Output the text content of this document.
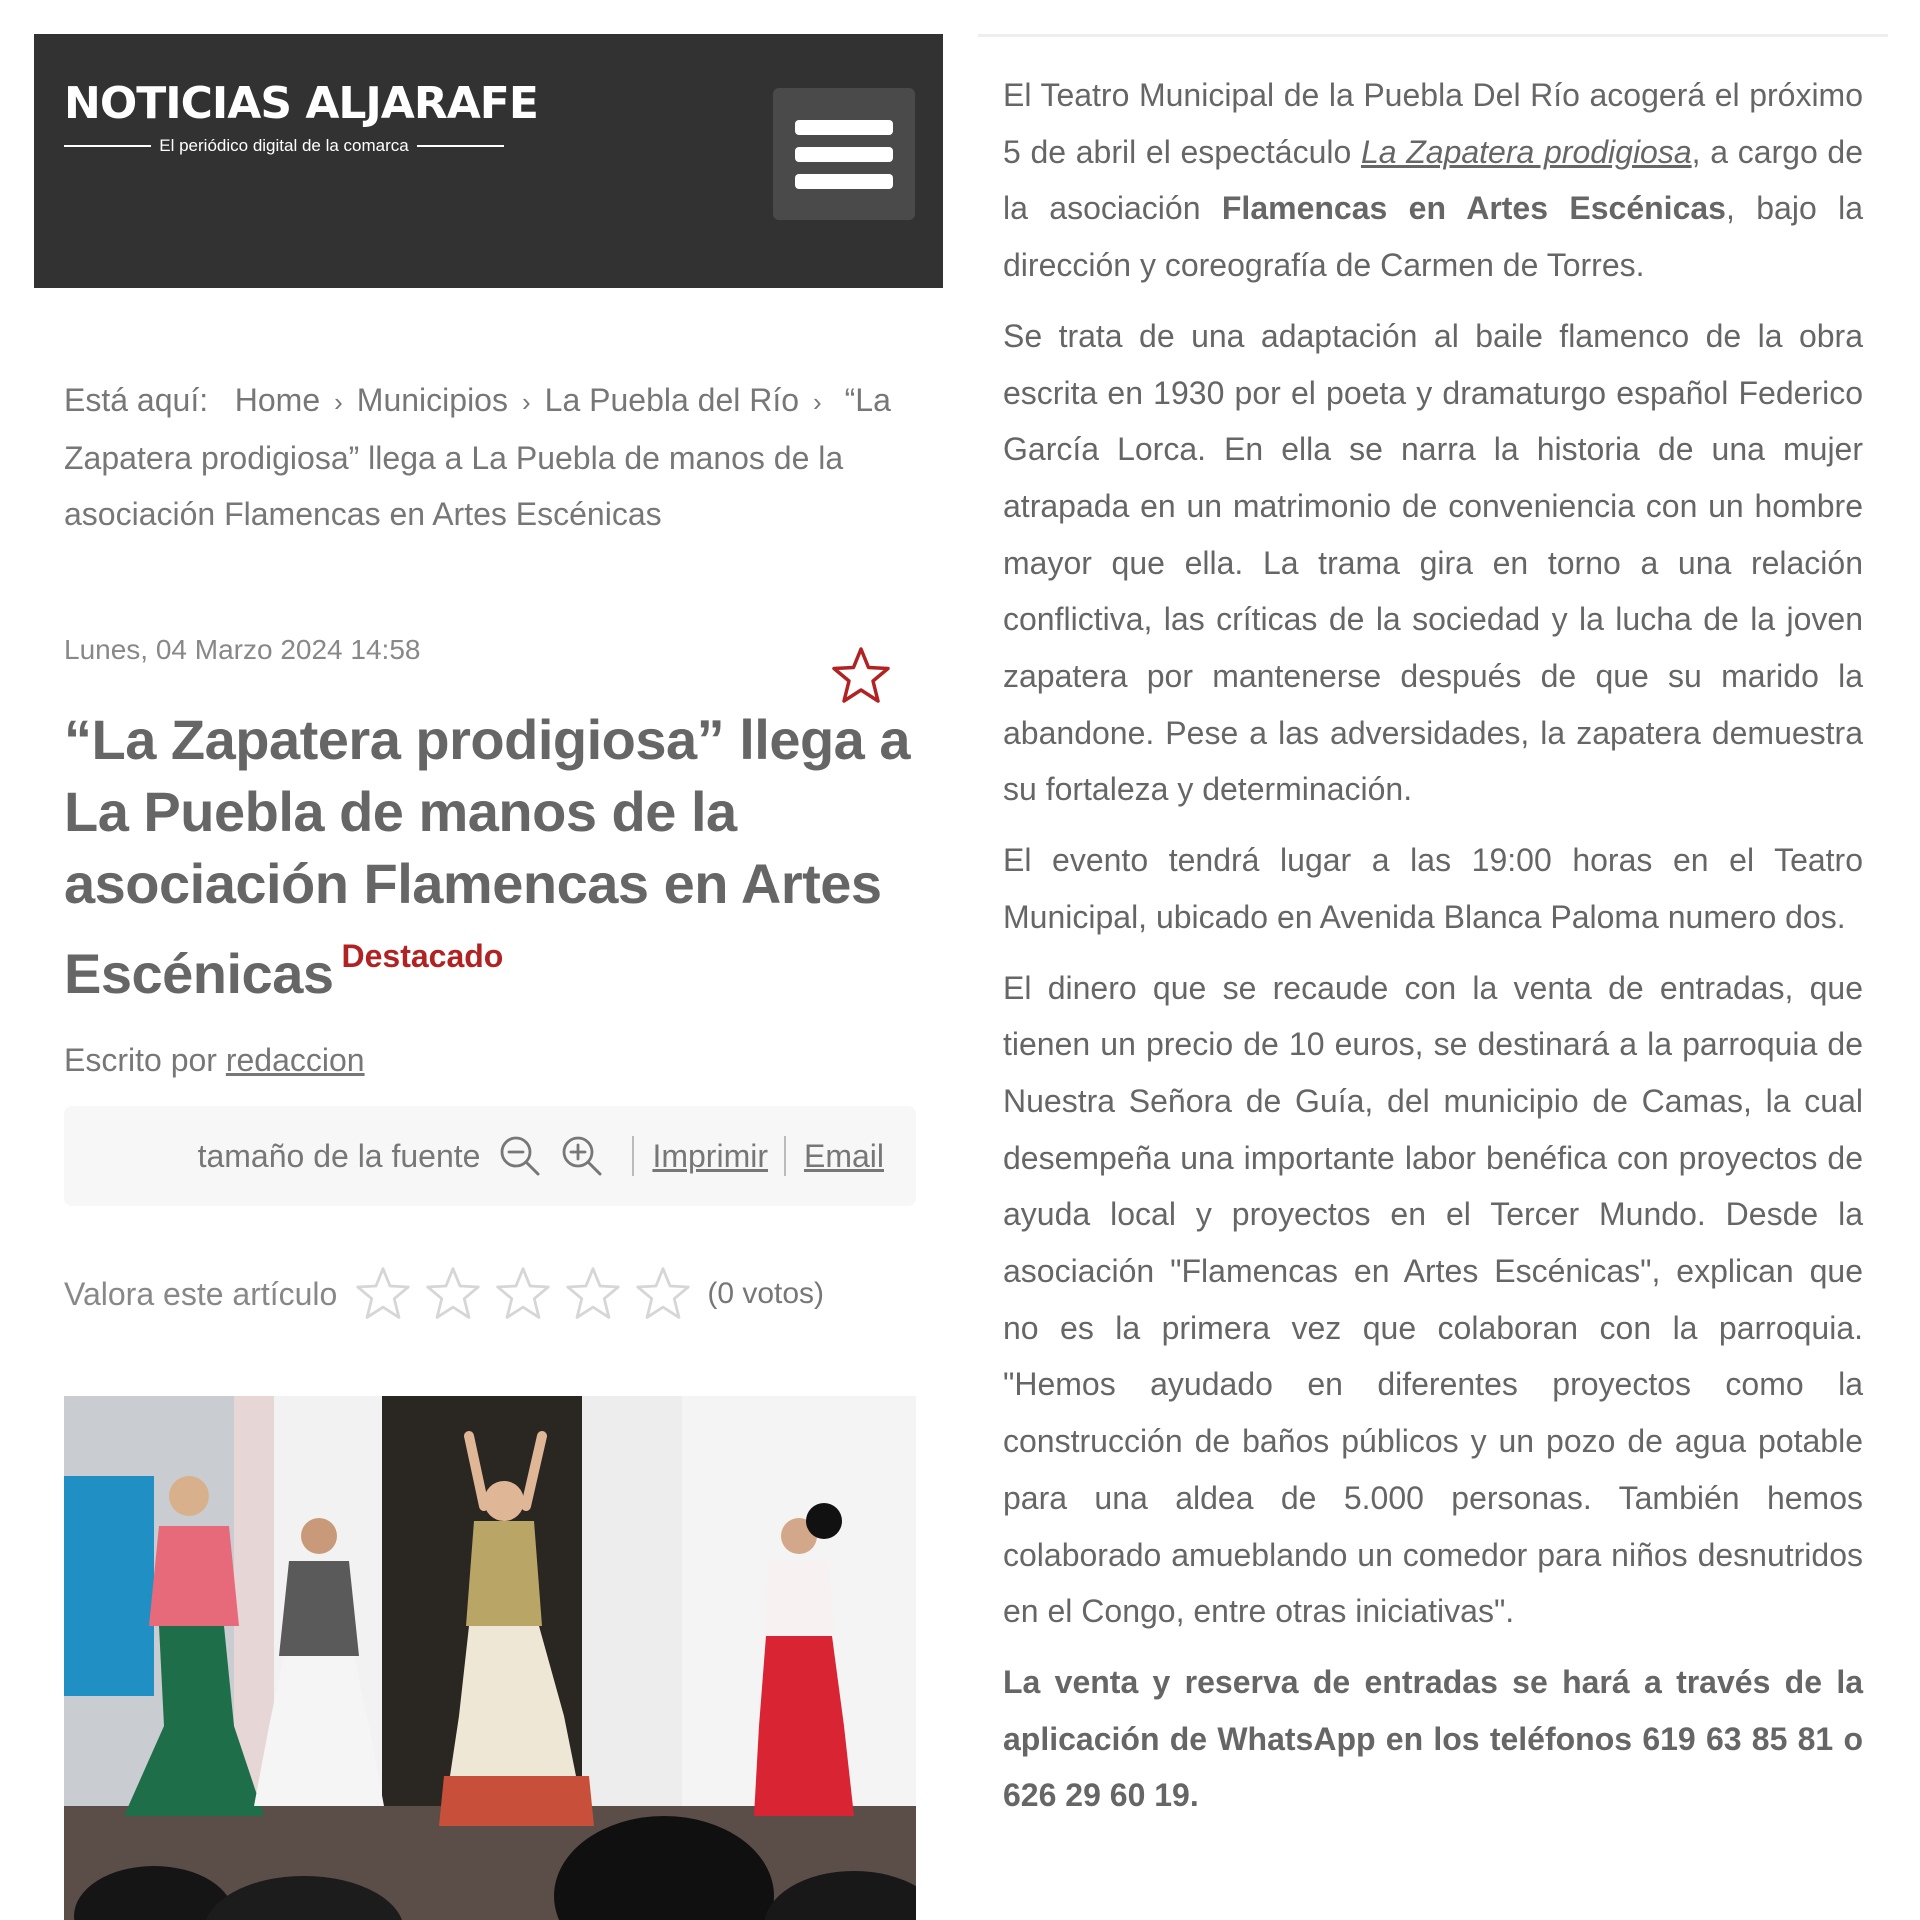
NOTICIAS ALJARAFE
El periódico digital de la comarca
Está aquí: Home › Municipios › La Puebla del Río › “La Zapatera prodigiosa” llega a La Puebla de manos de la asociación Flamencas en Artes Escénicas
Lunes, 04 Marzo 2024 14:58
“La Zapatera prodigiosa” llega a La Puebla de manos de la asociación Flamencas en Artes Escénicas $^{Destacado}$
Escrito por redaccion
tamaño de la fuente	Imprimir Email
Valora este artículo	(0 votos)

El Teatro Municipal de la Puebla Del Río acogerá el próximo 5 de abril el espectáculo La Zapatera prodigiosa, a cargo de la asociación Flamencas en Artes Escénicas, bajo la dirección y coreografía de Carmen de Torres.

Se trata de una adaptación al baile flamenco de la obra escrita en 1930 por el poeta y dramaturgo español Federico García Lorca. En ella se narra la historia de una mujer atrapada en un matrimonio de conveniencia con un hombre mayor que ella. La trama gira en torno a una relación conflictiva, las críticas de la sociedad y la lucha de la joven zapatera por mantenerse después de que su marido la abandone. Pese a las adversidades, la zapatera demuestra su fortaleza y determinación.

El evento tendrá lugar a las 19:00 horas en el Teatro Municipal, ubicado en Avenida Blanca Paloma numero dos.

El dinero que se recaude con la venta de entradas, que tienen un precio de 10 euros, se destinará a la parroquia de Nuestra Señora de Guía, del municipio de Camas, la cual desempeña una importante labor benéfica con proyectos de ayuda local y proyectos en el Tercer Mundo. Desde la asociación "Flamencas en Artes Escénicas", explican que no es la primera vez que colaboran con la parroquia. "Hemos ayudado en diferentes proyectos como la construcción de baños públicos y un pozo de agua potable para una aldea de 5.000 personas. También hemos colaborado amueblando un comedor para niños desnutridos en el Congo, entre otras iniciativas".

La venta y reserva de entradas se hará a través de la aplicación de WhatsApp en los teléfonos 619 63 85 81 o 626 29 60 19.
